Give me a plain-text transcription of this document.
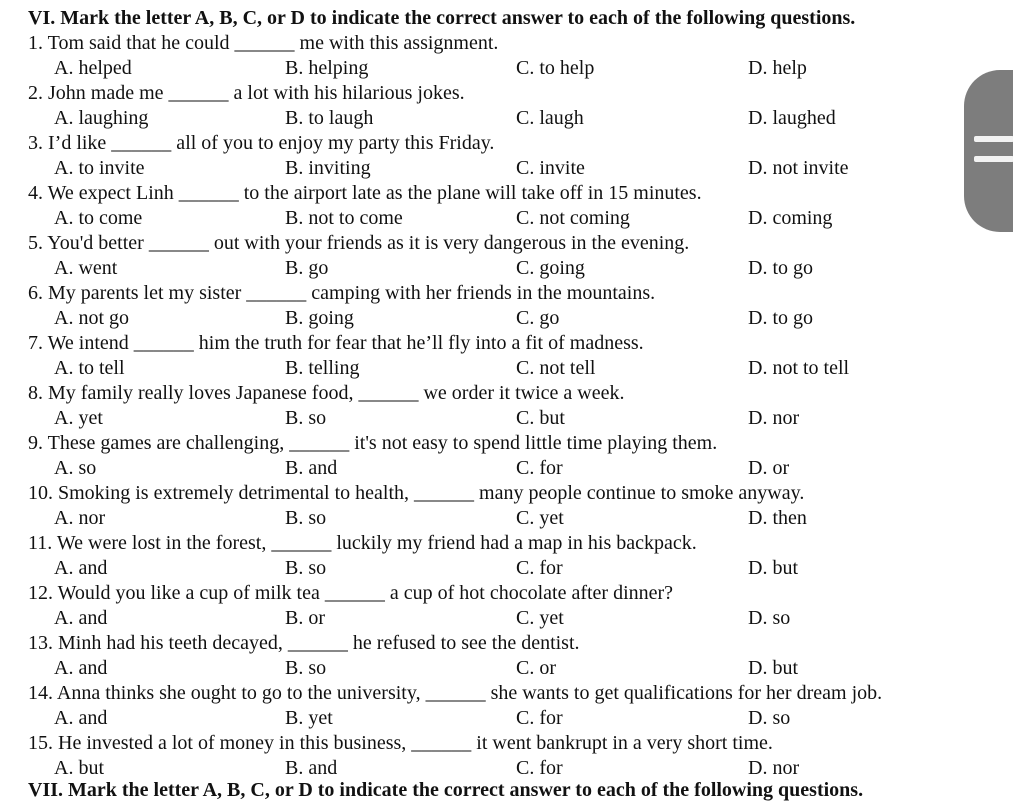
VI. Mark the letter A, B, C, or D to indicate the correct answer to each of the following questions.
1. Tom said that he could ______ me with this assignment.
A. helped	B. helping	C. to help	D. help
2. John made me ______ a lot with his hilarious jokes.
A. laughing	B. to laugh	C. laugh	D. laughed
3. I’d like ______ all of you to enjoy my party this Friday.
A. to invite	B. inviting	C. invite	D. not invite
4. We expect Linh ______ to the airport late as the plane will take off in 15 minutes.
A. to come	B. not to come	C. not coming	D. coming
5. You'd better ______ out with your friends as it is very dangerous in the evening.
A. went	B. go	C. going	D. to go
6. My parents let my sister ______ camping with her friends in the mountains.
A. not go	B. going	C. go	D. to go
7. We intend ______ him the truth for fear that he’ll fly into a fit of madness.
A. to tell	B. telling	C. not tell	D. not to tell
8. My family really loves Japanese food, ______ we order it twice a week.
A. yet	B. so	C. but	D. nor
9. These games are challenging, ______ it's not easy to spend little time playing them.
A. so	B. and	C. for	D. or
10. Smoking is extremely detrimental to health, ______ many people continue to smoke anyway.
A. nor	B. so	C. yet	D. then
11. We were lost in the forest, ______ luckily my friend had a map in his backpack.
A. and	B. so	C. for	D. but
12. Would you like a cup of milk tea ______ a cup of hot chocolate after dinner?
A. and	B. or	C. yet	D. so
13. Minh had his teeth decayed, ______ he refused to see the dentist.
A. and	B. so	C. or	D. but
14. Anna thinks she ought to go to the university, ______ she wants to get qualifications for her dream job.
A. and	B. yet	C. for	D. so
15. He invested a lot of money in this business, ______ it went bankrupt in a very short time.
A. but	B. and	C. for	D. nor
VII. Mark the letter A, B, C, or D to indicate the correct answer to each of the following questions.
